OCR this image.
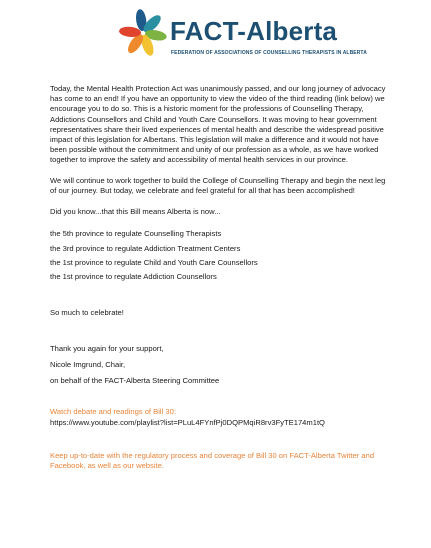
FACT-Alberta
FEDERATION OF ASSOCIATIONS OF COUNSELLING THERAPISTS IN ALBERTA

Today, the Mental Health Protection Act was unanimously passed, and our long journey of advocacy has come to an end! If you have an opportunity to view the video of the third reading (link below) we encourage you to do so. This is a historic moment for the professions of Counselling Therapy, Addictions Counsellors and Child and Youth Care Counsellors. It was moving to hear government representatives share their lived experiences of mental health and describe the widespread positive impact of this legislation for Albertans. This legislation will make a difference and it would not have been possible without the commitment and unity of our profession as a whole, as we have worked together to improve the safety and accessibility of mental health services in our province.

We will continue to work together to build the College of Counselling Therapy and begin the next leg of our journey. But today, we celebrate and feel grateful for all that has been accomplished!

Did you know...that this Bill means Alberta is now...

the 5th province to regulate Counselling Therapists
the 3rd province to regulate Addiction Treatment Centers
the 1st province to regulate Child and Youth Care Counsellors
the 1st province to regulate Addiction Counsellors

So much to celebrate!

Thank you again for your support,
Nicole Imgrund, Chair,
on behalf of the FACT-Alberta Steering Committee

Watch debate and readings of Bill 30:
https://www.youtube.com/playlist?list=PLuL4FYnfPj0DQPMqiR8rv3FyTE174m1tQ

Keep up-to-date with the regulatory process and coverage of Bill 30 on FACT-Alberta Twitter and Facebook, as well as our website.
